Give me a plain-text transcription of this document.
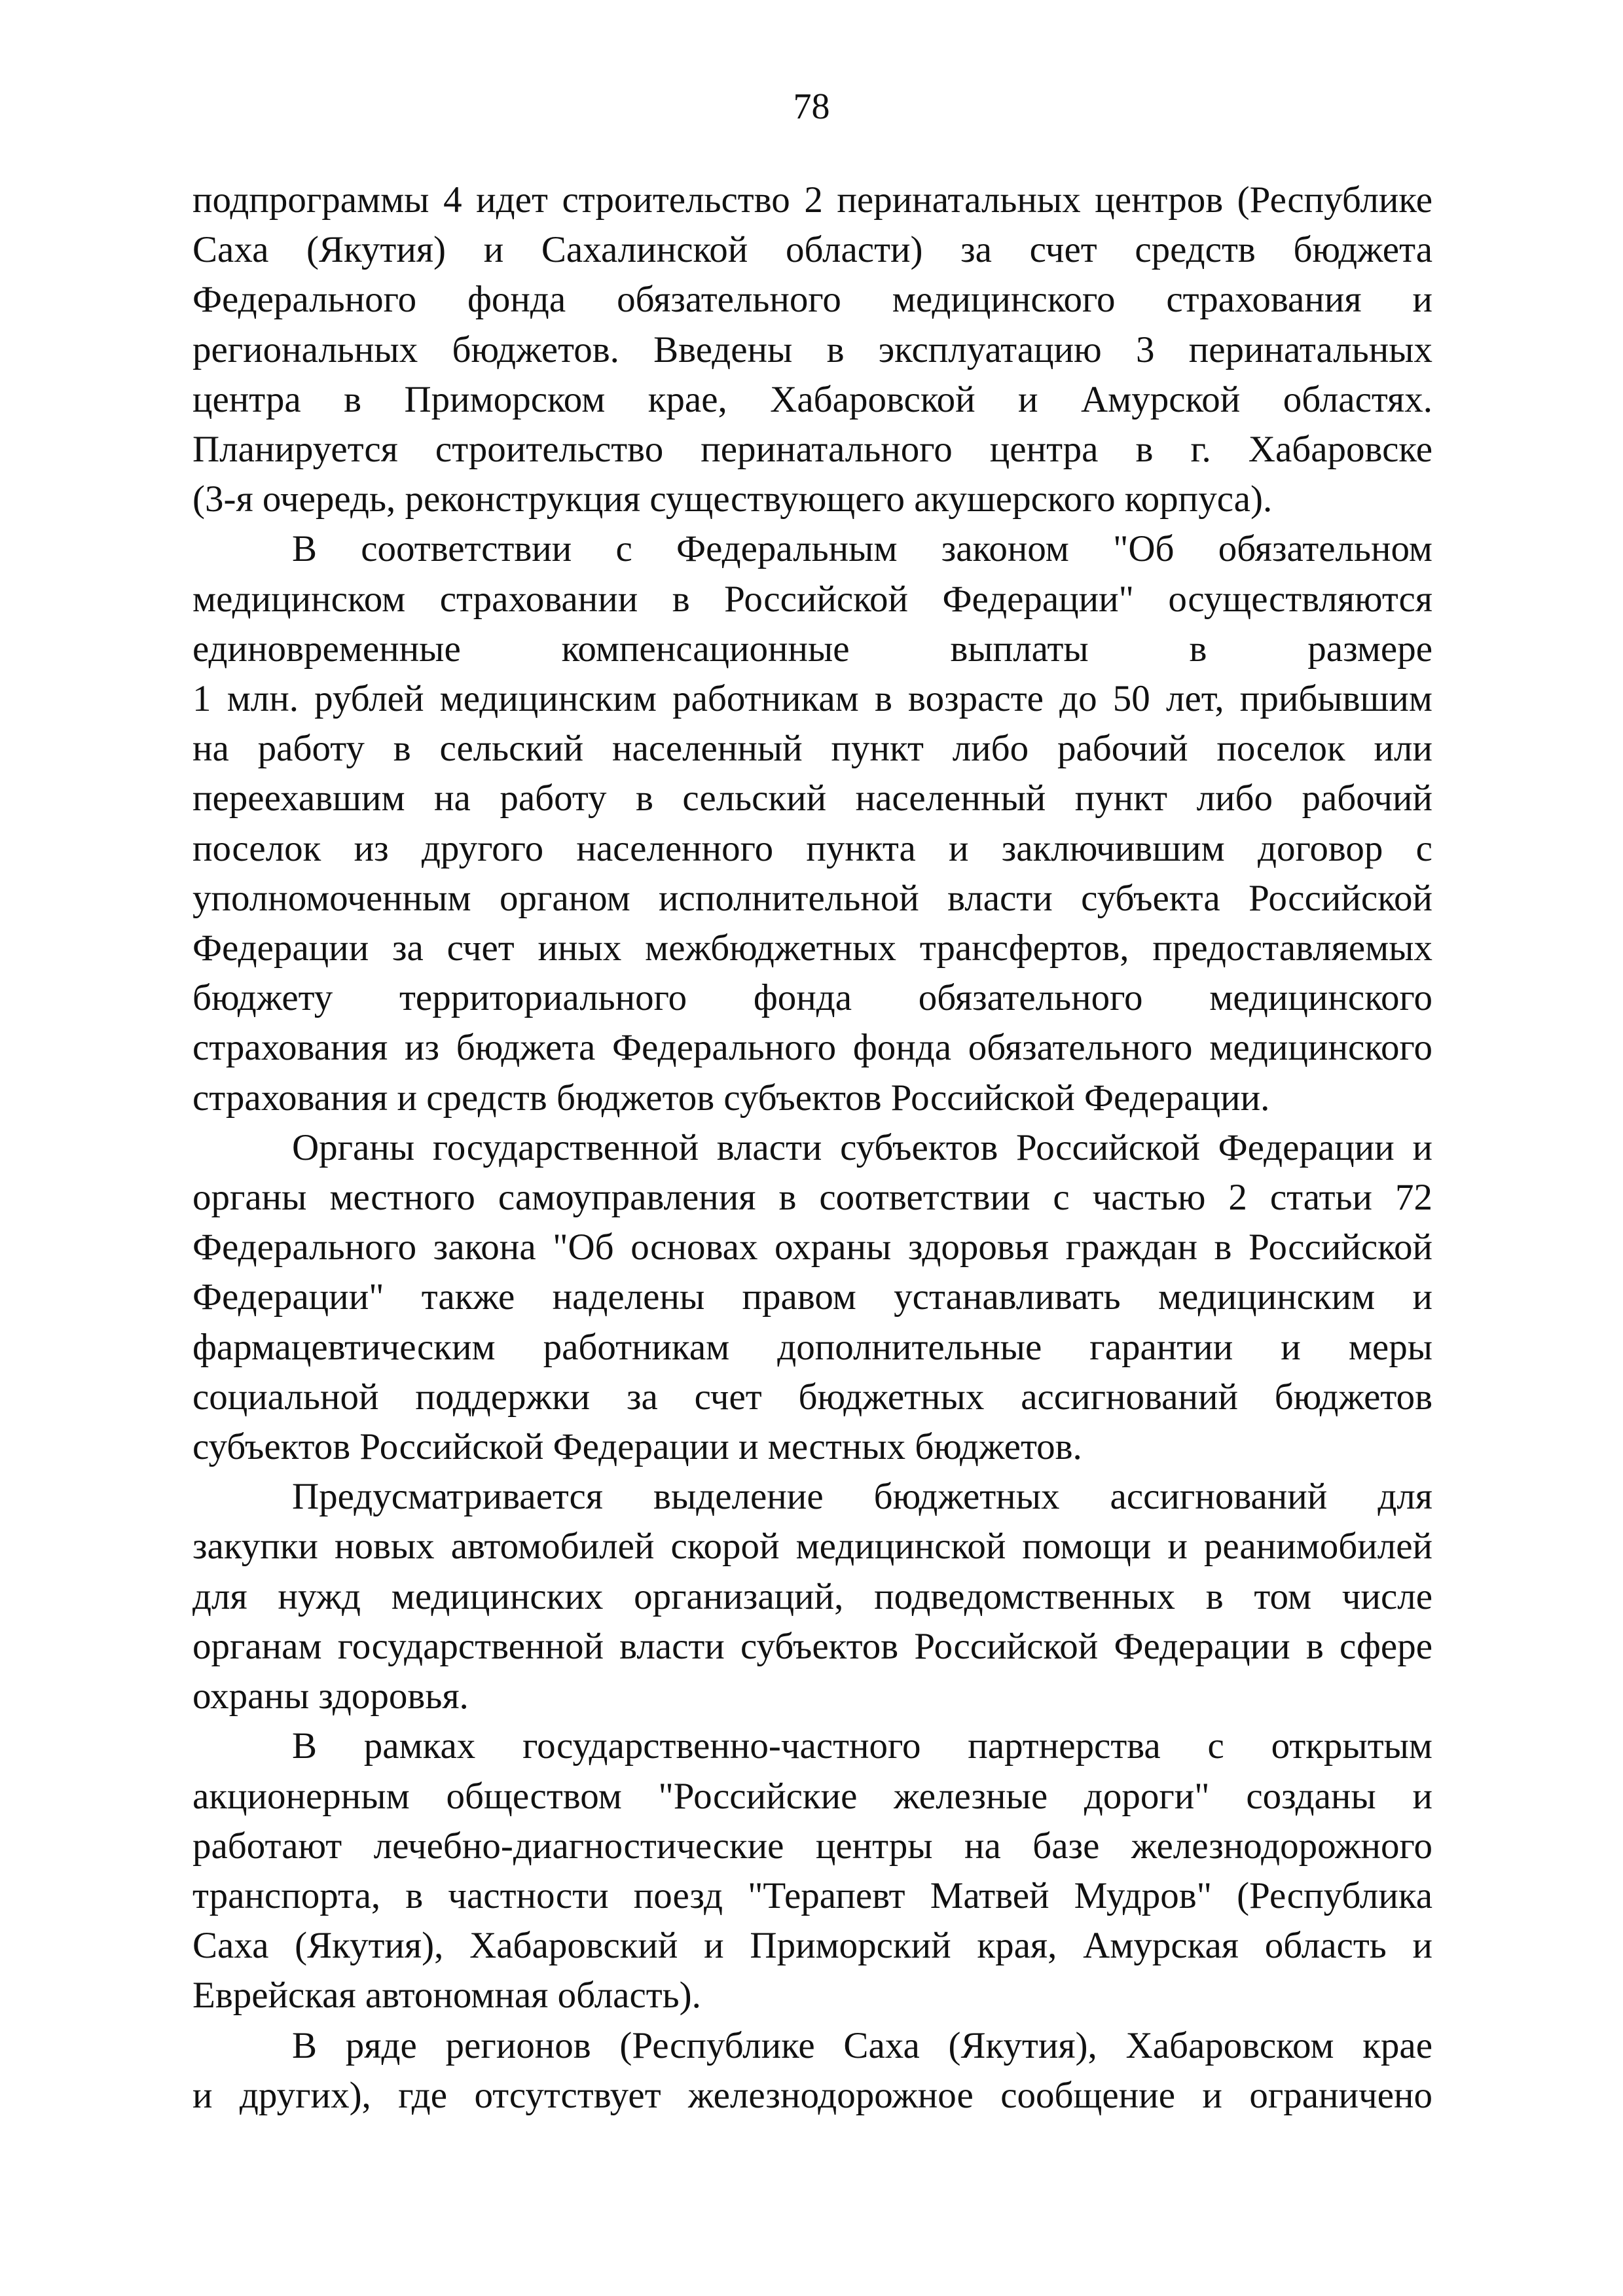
78
подпрограммы 4 идет строительство 2 перинатальных центров (Республике
Саха (Якутия) и Сахалинской области) за счет средств бюджета
Федерального фонда обязательного медицинского страхования и
региональных бюджетов. Введены в эксплуатацию 3 перинатальных
центра в Приморском крае, Хабаровской и Амурской областях.
Планируется строительство перинатального центра в г. Хабаровске
(3-я очередь, реконструкция существующего акушерского корпуса).
В соответствии с Федеральным законом "Об обязательном
медицинском страховании в Российской Федерации" осуществляются
единовременные компенсационные выплаты в размере
1 млн. рублей медицинским работникам в возрасте до 50 лет, прибывшим
на работу в сельский населенный пункт либо рабочий поселок или
переехавшим на работу в сельский населенный пункт либо рабочий
поселок из другого населенного пункта и заключившим договор с
уполномоченным органом исполнительной власти субъекта Российской
Федерации за счет иных межбюджетных трансфертов, предоставляемых
бюджету территориального фонда обязательного медицинского
страхования из бюджета Федерального фонда обязательного медицинского
страхования и средств бюджетов субъектов Российской Федерации.
Органы государственной власти субъектов Российской Федерации и
органы местного самоуправления в соответствии с частью 2 статьи 72
Федерального закона "Об основах охраны здоровья граждан в Российской
Федерации" также наделены правом устанавливать медицинским и
фармацевтическим работникам дополнительные гарантии и меры
социальной поддержки за счет бюджетных ассигнований бюджетов
субъектов Российской Федерации и местных бюджетов.
Предусматривается выделение бюджетных ассигнований для
закупки новых автомобилей скорой медицинской помощи и реанимобилей
для нужд медицинских организаций, подведомственных в том числе
органам государственной власти субъектов Российской Федерации в сфере
охраны здоровья.
В рамках государственно-частного партнерства с открытым
акционерным обществом "Российские железные дороги" созданы и
работают лечебно-диагностические центры на базе железнодорожного
транспорта, в частности поезд "Терапевт Матвей Мудров" (Республика
Саха (Якутия), Хабаровский и Приморский края, Амурская область и
Еврейская автономная область).
В ряде регионов (Республике Саха (Якутия), Хабаровском крае
и других), где отсутствует железнодорожное сообщение и ограничено
